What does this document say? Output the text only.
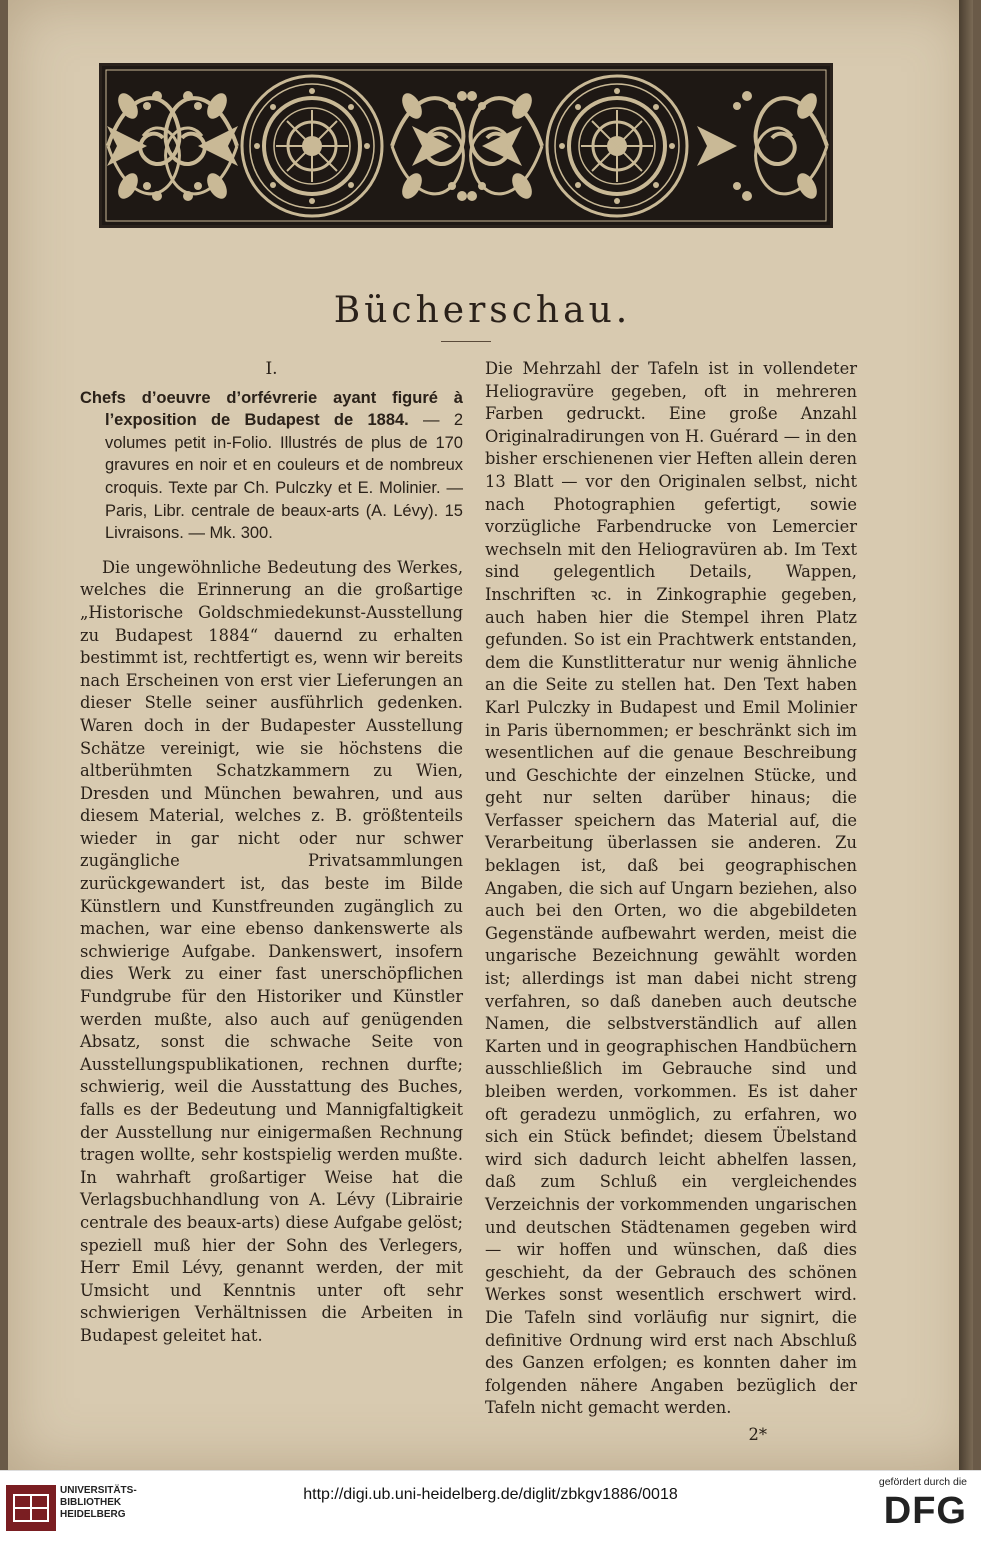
Bücherschau.
I.

Chefs d’oeuvre d’orfévrerie ayant figuré à l’exposition de Budapest de 1884. — 2 volumes petit in-Folio. Illustrés de plus de 170 gravures en noir et en couleurs et de nombreux croquis. Texte par Ch. Pulczky et E. Molinier. — Paris, Libr. centrale de beaux-arts (A. Lévy). 15 Livraisons. — Mk. 300.

Die ungewöhnliche Bedeutung des Werkes, welches die Erinnerung an die großartige „Historische Goldschmiedekunst-Ausstellung zu Budapest 1884“ dauernd zu erhalten bestimmt ist, rechtfertigt es, wenn wir bereits nach Erscheinen von erst vier Lieferungen an dieser Stelle seiner ausführlich gedenken. Waren doch in der Budapester Ausstellung Schätze vereinigt, wie sie höchstens die altberühmten Schatzkammern zu Wien, Dresden und München bewahren, und aus diesem Material, welches z. B. größtenteils wieder in gar nicht oder nur schwer zugängliche Privatsammlungen zurückgewandert ist, das beste im Bilde Künstlern und Kunstfreunden zugänglich zu machen, war eine ebenso dankenswerte als schwierige Aufgabe. Dankenswert, insofern dies Werk zu einer fast unerschöpflichen Fundgrube für den Historiker und Künstler werden mußte, also auch auf genügenden Absatz, sonst die schwache Seite von Ausstellungspublikationen, rechnen durfte; schwierig, weil die Ausstattung des Buches, falls es der Bedeutung und Mannigfaltigkeit der Ausstellung nur einigermaßen Rechnung tragen wollte, sehr kostspielig werden mußte. In wahrhaft großartiger Weise hat die Verlagsbuchhandlung von A. Lévy (Librairie centrale des beaux-arts) diese Aufgabe gelöst; speziell muß hier der Sohn des Verlegers, Herr Emil Lévy, genannt werden, der mit Umsicht und Kenntnis unter oft sehr schwierigen Verhältnissen die Arbeiten in Budapest geleitet hat.

Die Mehrzahl der Tafeln ist in vollendeter Heliogravüre gegeben, oft in mehreren Farben gedruckt. Eine große Anzahl Originalradirungen von H. Guérard — in den bisher erschienenen vier Heften allein deren 13 Blatt — vor den Originalen selbst, nicht nach Photographien gefertigt, sowie vorzügliche Farbendrucke von Lemercier wechseln mit den Heliogravüren ab. Im Text sind gelegentlich Details, Wappen, Inschriften ꝛc. in Zinkographie gegeben, auch haben hier die Stempel ihren Platz gefunden. So ist ein Prachtwerk entstanden, dem die Kunstlitteratur nur wenig ähnliche an die Seite zu stellen hat. Den Text haben Karl Pulczky in Budapest und Emil Molinier in Paris übernommen; er beschränkt sich im wesentlichen auf die genaue Beschreibung und Geschichte der einzelnen Stücke, und geht nur selten darüber hinaus; die Verfasser speichern das Material auf, die Verarbeitung überlassen sie anderen. Zu beklagen ist, daß bei geographischen Angaben, die sich auf Ungarn beziehen, also auch bei den Orten, wo die abgebildeten Gegenstände aufbewahrt werden, meist die ungarische Bezeichnung gewählt worden ist; allerdings ist man dabei nicht streng verfahren, so daß daneben auch deutsche Namen, die selbstverständlich auf allen Karten und in geographischen Handbüchern ausschließlich im Gebrauche sind und bleiben werden, vorkommen. Es ist daher oft geradezu unmöglich, zu erfahren, wo sich ein Stück befindet; diesem Übelstand wird sich dadurch leicht abhelfen lassen, daß zum Schluß ein vergleichendes Verzeichnis der vorkommenden ungarischen und deutschen Städtenamen gegeben wird — wir hoffen und wünschen, daß dies geschieht, da der Gebrauch des schönen Werkes sonst wesentlich erschwert wird. Die Tafeln sind vorläufig nur signirt, die definitive Ordnung wird erst nach Abschluß des Ganzen erfolgen; es konnten daher im folgenden nähere Angaben bezüglich der Tafeln nicht gemacht werden.

2*
UNIVERSITÄTS-
BIBLIOTHEK
HEIDELBERG
http://digi.ub.uni-heidelberg.de/diglit/zbkgv1886/0018
gefördert durch die
DFG
